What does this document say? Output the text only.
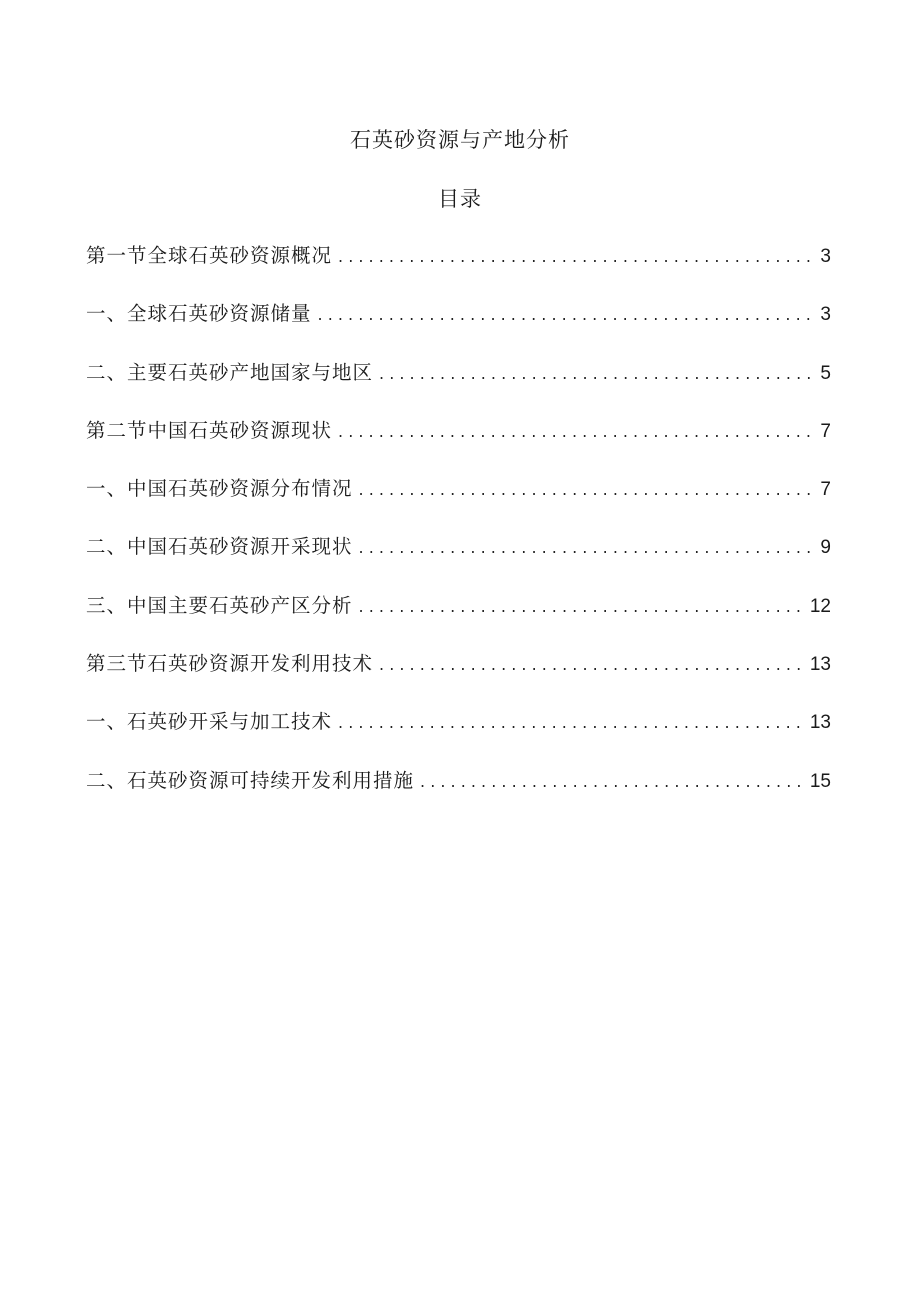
石英砂资源与产地分析
目录
第一节全球石英砂资源概况 . . .	3
一、全球石英砂资源储量 . . .	3
二、主要石英砂产地国家与地区 . . .	5
第二节中国石英砂资源现状 . . .	7
一、中国石英砂资源分布情况 . . .	7
二、中国石英砂资源开采现状 . . .	9
三、中国主要石英砂产区分析 . . .	12
第三节石英砂资源开发利用技术 . . .	13
一、石英砂开采与加工技术 . . .	13
二、石英砂资源可持续开发利用措施 . . .	15
